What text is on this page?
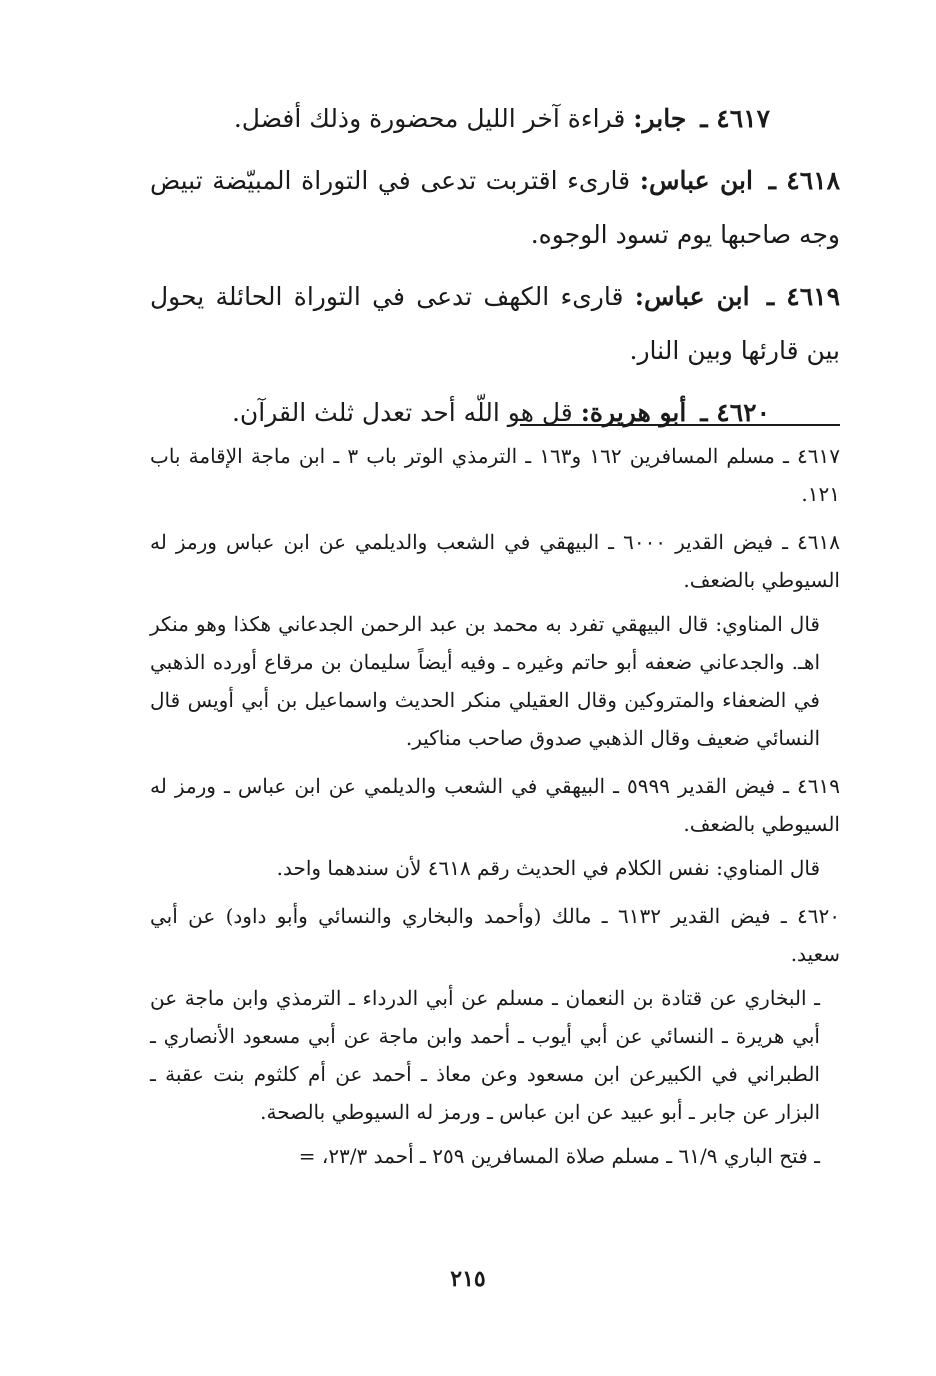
٤٦١٧ ـ جابر: قراءة آخر الليل محضورة وذلك أفضل.

٤٦١٨ ـ ابن عباس: قارىء اقتربت تدعى في التوراة المبيّضة تبيض وجه صاحبها يوم تسود الوجوه.

٤٦١٩ ـ ابن عباس: قارىء الكهف تدعى في التوراة الحائلة يحول بين قارئها وبين النار.

٤٦٢٠ ـ أبو هريرة: قل هو اللّه أحد تعدل ثلث القرآن.

٤٦١٧ ـ مسلم المسافرين ١٦٢ و١٦٣ ـ الترمذي الوتر باب ٣ ـ ابن ماجة الإقامة باب ١٢١.

٤٦١٨ ـ فيض القدير ٦٠٠٠ ـ البيهقي في الشعب والديلمي عن ابن عباس ورمز له السيوطي بالضعف.

قال المناوي: قال البيهقي تفرد به محمد بن عبد الرحمن الجدعاني هكذا وهو منكر اهـ. والجدعاني ضعفه أبو حاتم وغيره ـ وفيه أيضاً سليمان بن مرقاع أورده الذهبي في الضعفاء والمتروكين وقال العقيلي منكر الحديث واسماعيل بن أبي أويس قال النسائي ضعيف وقال الذهبي صدوق صاحب مناكير.

٤٦١٩ ـ فيض القدير ٥٩٩٩ ـ البيهقي في الشعب والديلمي عن ابن عباس ـ ورمز له السيوطي بالضعف.

قال المناوي: نفس الكلام في الحديث رقم ٤٦١٨ لأن سندهما واحد.

٤٦٢٠ ـ فيض القدير ٦١٣٢ ـ مالك (وأحمد والبخاري والنسائي وأبو داود) عن أبي سعيد.

ـ البخاري عن قتادة بن النعمان ـ مسلم عن أبي الدرداء ـ الترمذي وابن ماجة عن أبي هريرة ـ النسائي عن أبي أيوب ـ أحمد وابن ماجة عن أبي مسعود الأنصاري ـ الطبراني في الكبيرعن ابن مسعود وعن معاذ ـ أحمد عن أم كلثوم بنت عقبة ـ البزار عن جابر ـ أبو عبيد عن ابن عباس ـ ورمز له السيوطي بالصحة.

ـ فتح الباري ٦١/٩ ـ مسلم صلاة المسافرين ٢٥٩ ـ أحمد ٢٣/٣، =

٢١٥
